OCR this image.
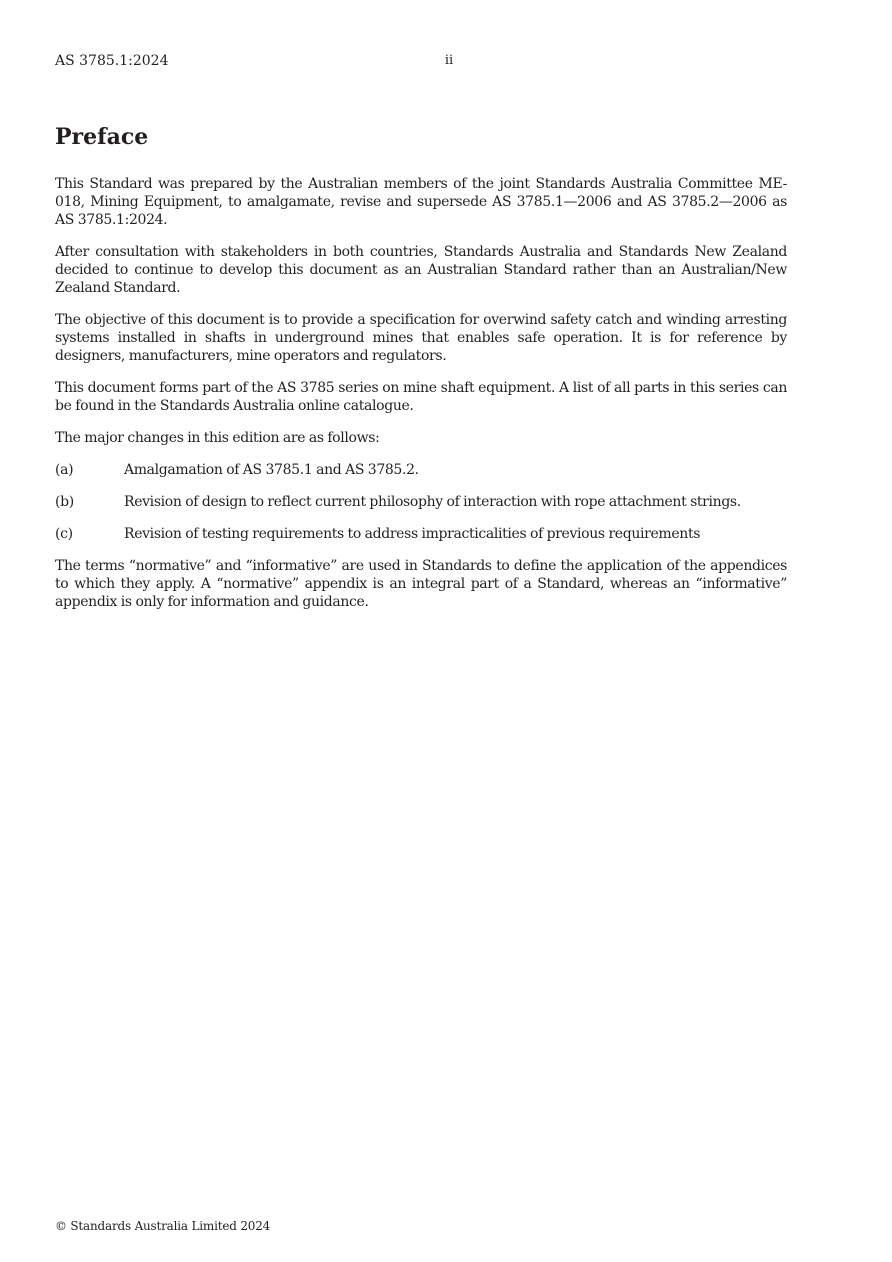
AS 3785.1:2024	ii
Preface

This Standard was prepared by the Australian members of the joint Standards Australia Committee ME-018, Mining Equipment, to amalgamate, revise and supersede AS 3785.1—2006 and AS 3785.2—2006 as AS 3785.1:2024.

After consultation with stakeholders in both countries, Standards Australia and Standards New Zealand decided to continue to develop this document as an Australian Standard rather than an Australian/New Zealand Standard.

The objective of this document is to provide a specification for overwind safety catch and winding arresting systems installed in shafts in underground mines that enables safe operation. It is for reference by designers, manufacturers, mine operators and regulators.

This document forms part of the AS 3785 series on mine shaft equipment. A list of all parts in this series can be found in the Standards Australia online catalogue.

The major changes in this edition are as follows:

(a)	Amalgamation of AS 3785.1 and AS 3785.2.
(b)	Revision of design to reflect current philosophy of interaction with rope attachment strings.
(c)	Revision of testing requirements to address impracticalities of previous requirements

The terms “normative” and “informative” are used in Standards to define the application of the appendices to which they apply. A “normative” appendix is an integral part of a Standard, whereas an “informative” appendix is only for information and guidance.

© Standards Australia Limited 2024
